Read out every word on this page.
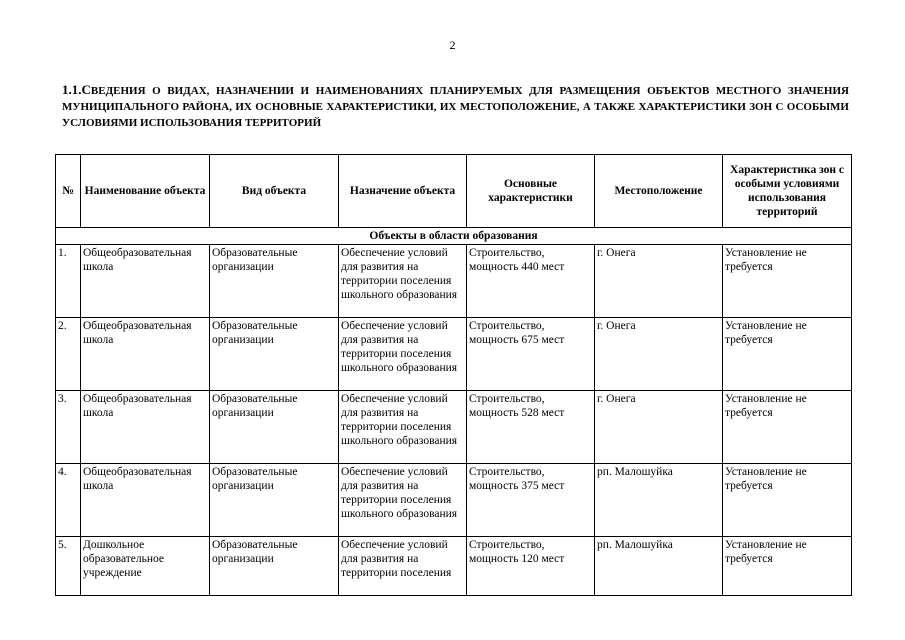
2
1.1.СВЕДЕНИЯ О ВИДАХ, НАЗНАЧЕНИИ И НАИМЕНОВАНИЯХ ПЛАНИРУЕМЫХ ДЛЯ РАЗМЕЩЕНИЯ ОБЪЕКТОВ МЕСТНОГО ЗНАЧЕНИЯ МУНИЦИПАЛЬНОГО РАЙОНА, ИХ ОСНОВНЫЕ ХАРАКТЕРИСТИКИ, ИХ МЕСТОПОЛОЖЕНИЕ, А ТАКЖЕ ХАРАКТЕРИСТИКИ ЗОН С ОСОБЫМИ УСЛОВИЯМИ ИСПОЛЬЗОВАНИЯ ТЕРРИТОРИЙ
№	Наименование объекта	Вид объекта	Назначение объекта	Основные характеристики	Местоположение	Характеристика зон с особыми условиями использования территорий
Объекты в области образования						
1.	Общеобразовательная школа	Образовательные организации	Обеспечение условий для развития на территории поселения школьного образования	Строительство, мощность 440 мест	г. Онега	Установление не требуется
2.	Общеобразовательная школа	Образовательные организации	Обеспечение условий для развития на территории поселения школьного образования	Строительство, мощность 675 мест	г. Онега	Установление не требуется
3.	Общеобразовательная школа	Образовательные организации	Обеспечение условий для развития на территории поселения школьного образования	Строительство, мощность 528 мест	г. Онега	Установление не требуется
4.	Общеобразовательная школа	Образовательные организации	Обеспечение условий для развития на территории поселения школьного образования	Строительство, мощность 375 мест	рп. Малошуйка	Установление не требуется
5.	Дошкольное образовательное учреждение	Образовательные организации	Обеспечение условий для развития на территории поселения	Строительство, мощность 120 мест	рп. Малошуйка	Установление не требуется
